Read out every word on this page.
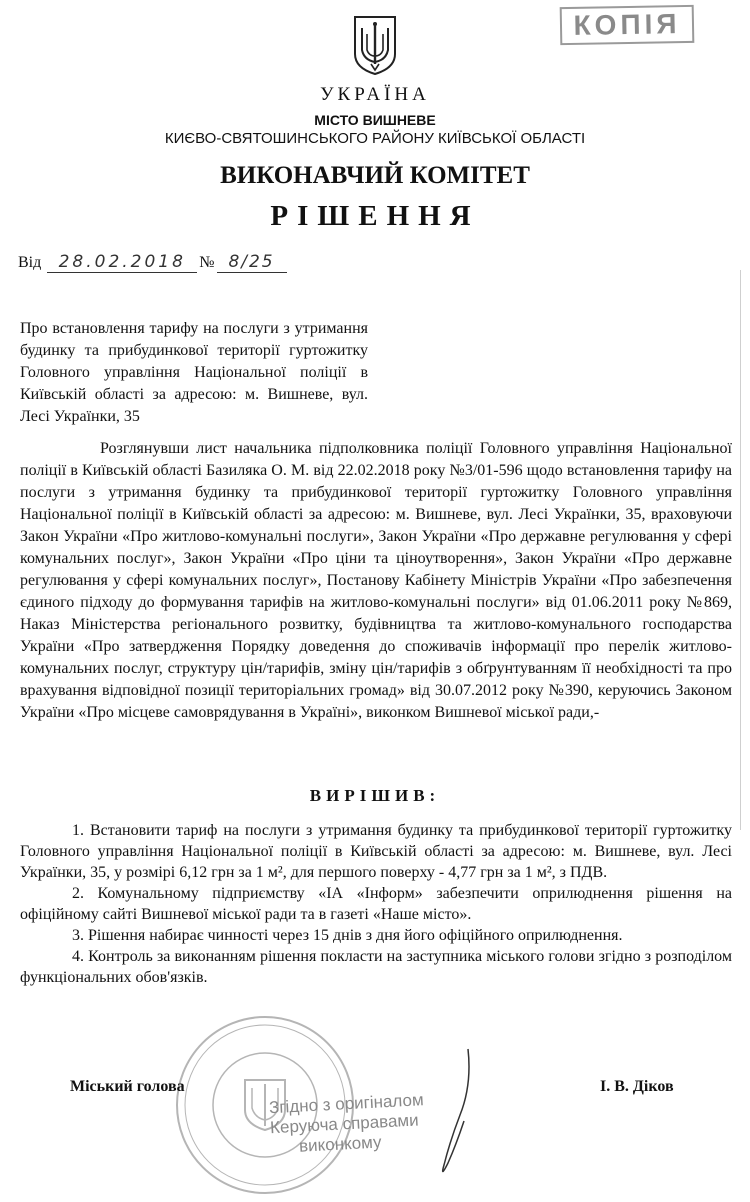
КОПІЯ
УКРАЇНА
МІСТО ВИШНЕВЕ
КИЄВО-СВЯТОШИНСЬКОГО РАЙОНУ КИЇВСЬКОЇ ОБЛАСТІ
ВИКОНАВЧИЙ КОМІТЕТ
РІШЕННЯ
Від 28.02.2018 № 8/25
Про встановлення тарифу на послуги з утримання будинку та прибудинкової території гуртожитку Головного управління Національної поліції в Київській області за адресою: м. Вишневе, вул. Лесі Українки, 35
Розглянувши лист начальника підполковника поліції Головного управління Національної поліції в Київській області Базиляка О. М. від 22.02.2018 року №3/01-596 щодо встановлення тарифу на послуги з утримання будинку та прибудинкової території гуртожитку Головного управління Національної поліції в Київській області за адресою: м. Вишневе, вул. Лесі Українки, 35, враховуючи Закон України «Про житлово-комунальні послуги», Закон України «Про державне регулювання у сфері комунальних послуг», Закон України «Про ціни та ціноутворення», Закон України «Про державне регулювання у сфері комунальних послуг», Постанову Кабінету Міністрів України «Про забезпечення єдиного підходу до формування тарифів на житлово-комунальні послуги» від 01.06.2011 року №869, Наказ Міністерства регіонального розвитку, будівництва та житлово-комунального господарства України «Про затвердження Порядку доведення до споживачів інформації про перелік житлово-комунальних послуг, структуру цін/тарифів, зміну цін/тарифів з обґрунтуванням її необхідності та про врахування відповідної позиції територіальних громад» від 30.07.2012 року №390, керуючись Законом України «Про місцеве самоврядування в Україні», виконком Вишневої міської ради,-
ВИРІШИВ:

1. Встановити тариф на послуги з утримання будинку та прибудинкової території гуртожитку Головного управління Національної поліції в Київській області за адресою: м. Вишневе, вул. Лесі Українки, 35, у розмірі 6,12 грн за 1 м², для першого поверху - 4,77 грн за 1 м², з ПДВ.

2. Комунальному підприємству «ІА «Інформ» забезпечити оприлюднення рішення на офіційному сайті Вишневої міської ради та в газеті «Наше місто».

3. Рішення набирає чинності через 15 днів з дня його офіційного оприлюднення.

4. Контроль за виконанням рішення покласти на заступника міського голови згідно з розподілом функціональних обов'язків.

Міський голова	І. В. Діков
Згідно з оригіналом
Керуюча справами
виконкому
